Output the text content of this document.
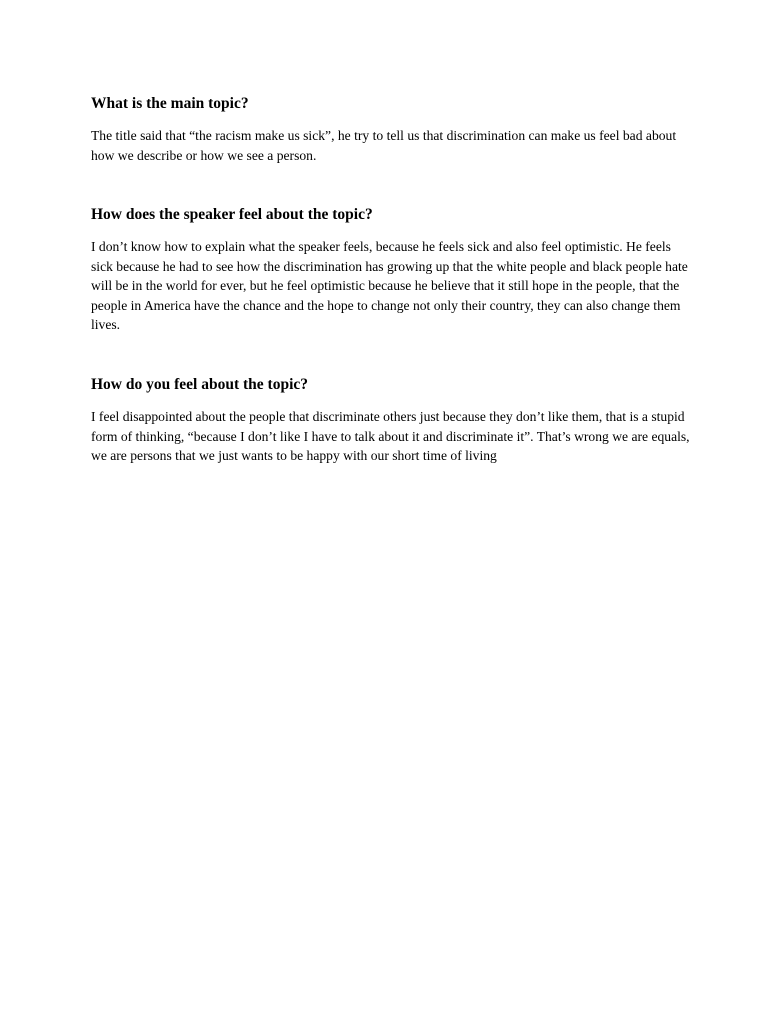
What is the main topic?

The title said that “the racism make us sick”, he try to tell us that discrimination can make us feel bad about how we describe or how we see a person.

How does the speaker feel about the topic?

I don’t know how to explain what the speaker feels, because he feels sick and also feel optimistic. He feels sick because he had to see how the discrimination has growing up that the white people and black people hate will be in the world for ever, but he feel optimistic because he believe that it still hope in the people, that the people in America have the chance and the hope to change not only their country, they can also change them lives.

How do you feel about the topic?

I feel disappointed about the people that discriminate others just because they don’t like them, that is a stupid form of thinking, “because I don’t like I have to talk about it and discriminate it”. That’s wrong we are equals, we are persons that we just wants to be happy with our short time of living
